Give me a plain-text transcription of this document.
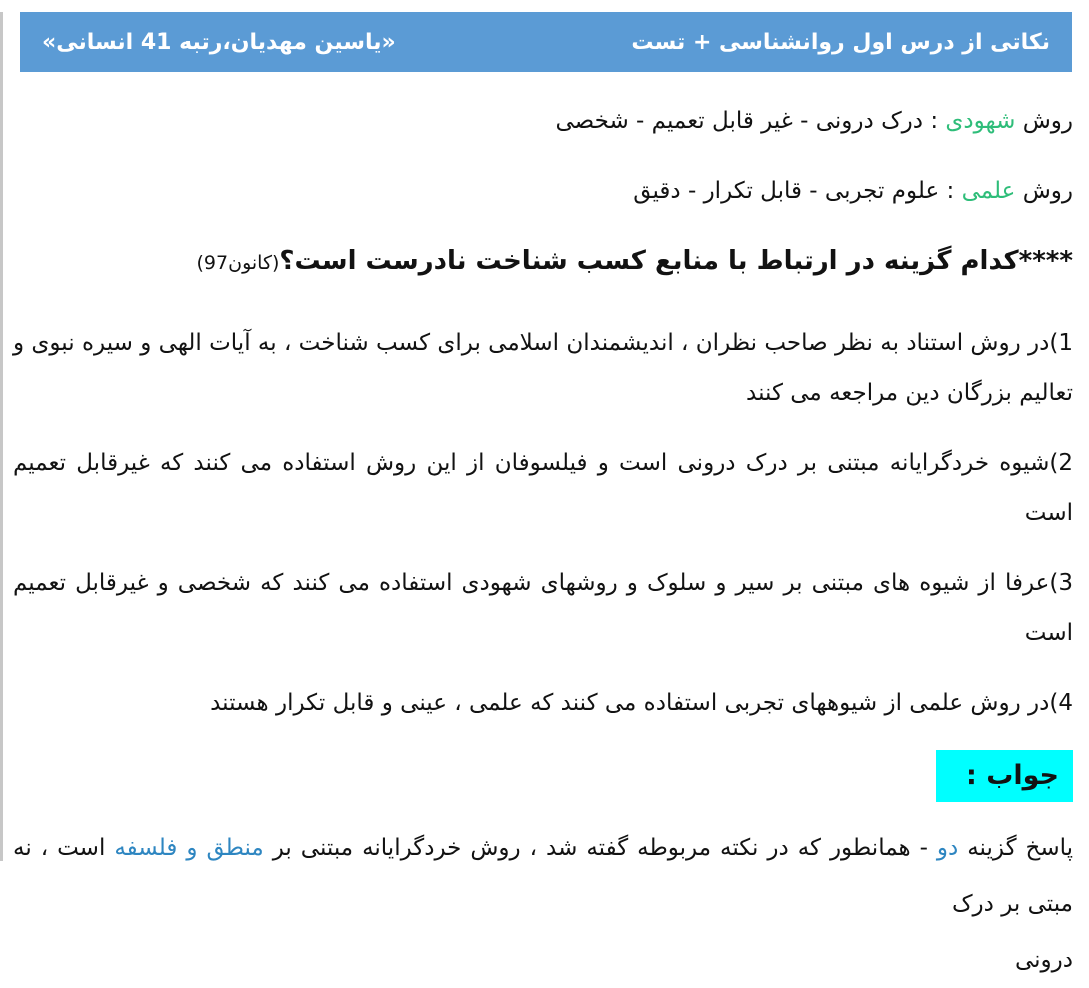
نکاتی از درس اول روانشناسی + تست
«یاسین مهدیان،رتبه 41 انسانی»

روش شهودی : درک درونی - غیر قابل تعمیم - شخصی

روش علمی : علوم تجربی - قابل تکرار - دقیق

****کدام گزینه در ارتباط با منابع کسب شناخت نادرست است؟(کانون97)

1)در روش استناد به نظر صاحب نظران ، اندیشمندان اسلامی برای کسب شناخت ، به آیات الهی و سیره نبوی و تعالیم بزرگان دین مراجعه می کنند

2)شیوه خردگرایانه مبتنی بر درک درونی است و فیلسوفان از این روش استفاده می کنند که غیرقابل تعمیم است

3)عرفا از شیوه های مبتنی بر سیر و سلوک و روشهای شهودی استفاده می کنند که شخصی و غیرقابل تعمیم است

4)در روش علمی از شیوههای تجربی استفاده می کنند که علمی ، عینی و قابل تکرار هستند

جواب :

پاسخ گزینه دو - همانطور که در نکته مربوطه گفته شد ، روش خردگرایانه مبتنی بر منطق و فلسفه است ، نه مبتی بر درک
درونی
